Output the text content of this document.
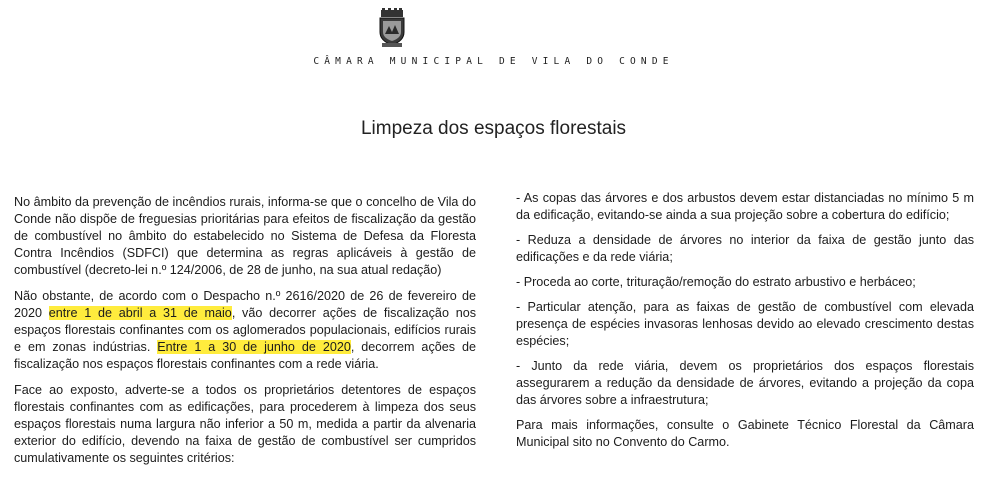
CÂMARA MUNICIPAL DE VILA DO CONDE
Limpeza dos espaços florestais

No âmbito da prevenção de incêndios rurais, informa-se que o concelho de Vila do Conde não dispõe de freguesias prioritárias para efeitos de fiscalização da gestão de combustível no âmbito do estabelecido no Sistema de Defesa da Floresta Contra Incêndios (SDFCI) que determina as regras aplicáveis à gestão de combustível (decreto-lei n.º 124/2006, de 28 de junho, na sua atual redação)

Não obstante, de acordo com o Despacho n.º 2616/2020 de 26 de fevereiro de 2020 entre 1 de abril a 31 de maio, vão decorrer ações de fiscalização nos espaços florestais confinantes com os aglomerados populacionais, edifícios rurais e em zonas indústrias. Entre 1 a 30 de junho de 2020, decorrem ações de fiscalização nos espaços florestais confinantes com a rede viária.

Face ao exposto, adverte-se a todos os proprietários detentores de espaços florestais confinantes com as edificações, para procederem à limpeza dos seus espaços florestais numa largura não inferior a 50 m, medida a partir da alvenaria exterior do edifício, devendo na faixa de gestão de combustível ser cumpridos cumulativamente os seguintes critérios:

- As copas das árvores e dos arbustos devem estar distanciadas no mínimo 5 m da edificação, evitando-se ainda a sua projeção sobre a cobertura do edifício;

- Reduza a densidade de árvores no interior da faixa de gestão junto das edificações e da rede viária;

- Proceda ao corte, trituração/remoção do estrato arbustivo e herbáceo;

- Particular atenção, para as faixas de gestão de combustível com elevada presença de espécies invasoras lenhosas devido ao elevado crescimento destas espécies;

- Junto da rede viária, devem os proprietários dos espaços florestais assegurarem a redução da densidade de árvores, evitando a projeção da copa das árvores sobre a infraestrutura;

Para mais informações, consulte o Gabinete Técnico Florestal da Câmara Municipal sito no Convento do Carmo.
